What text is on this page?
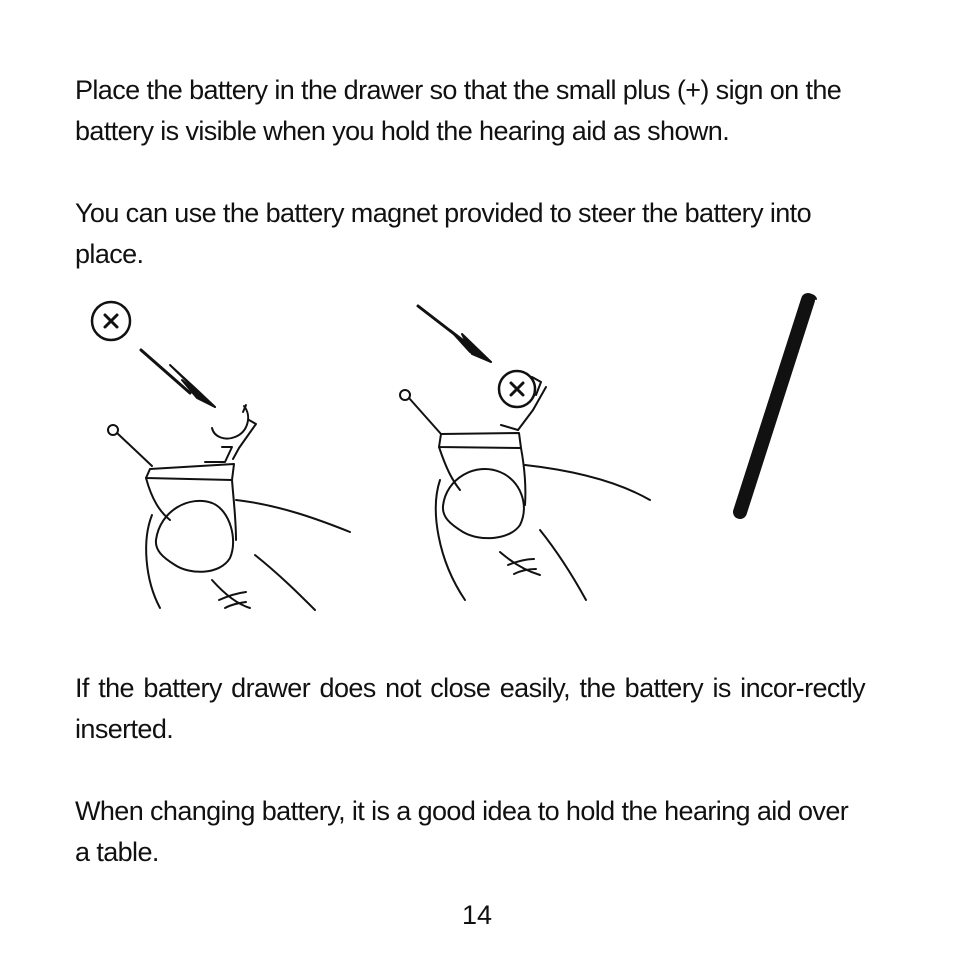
Place the battery in the drawer so that the small plus (+) sign on the battery is visible when you hold the hearing aid as shown.

You can use the battery magnet provided to steer the battery into place.

If the battery drawer does not close easily, the battery is incor-rectly inserted.

When changing battery, it is a good idea to hold the hearing aid over a table.

14
